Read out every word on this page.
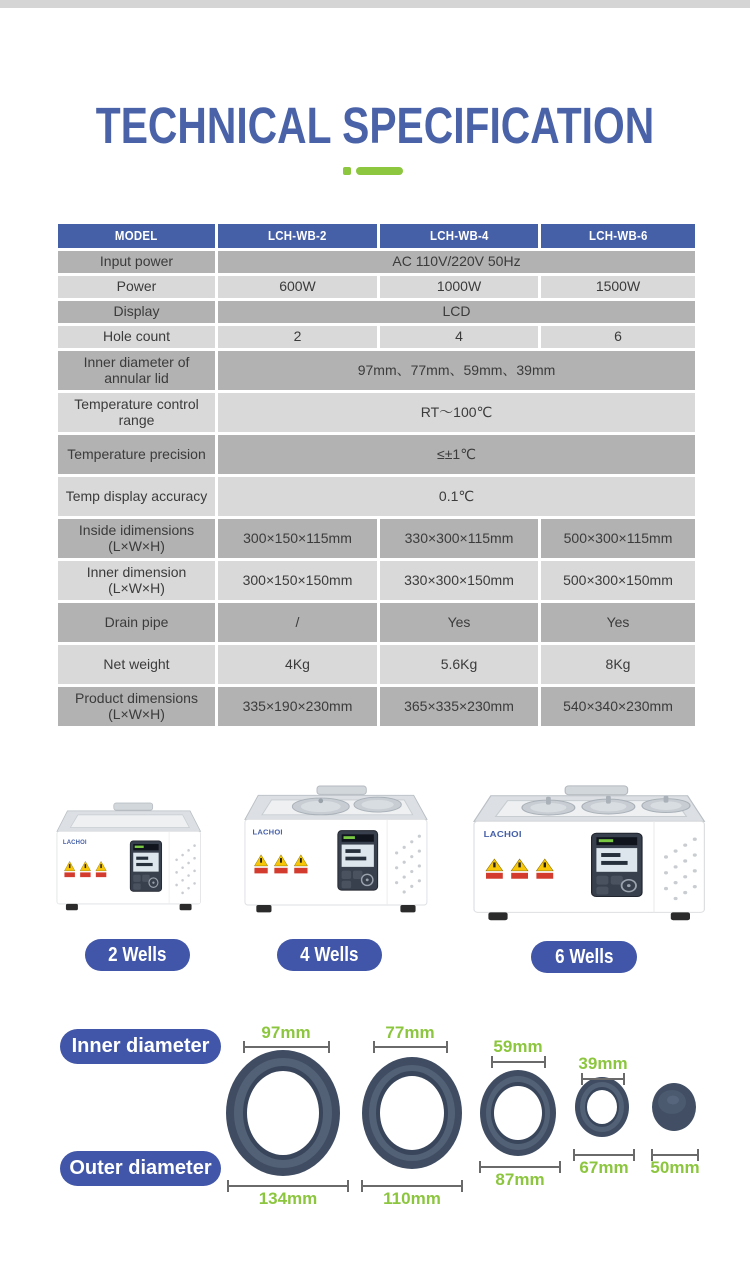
TECHNICAL SPECIFICATION
MODEL	LCH-WB-2	LCH-WB-4	LCH-WB-6
Input power	AC 110V/220V 50Hz		
Power	600W	1000W	1500W
Display	LCD		
Hole count	2	4	6
Inner diameter of annular lid	97mm、77mm、59mm、39mm		
Temperature control range	RT～100℃		
Temperature precision	≤±1℃		
Temp display accuracy	0.1℃		
Inside idimensions (L×W×H)	300×150×115mm	330×300×115mm	500×300×115mm
Inner dimension (L×W×H)	300×150×150mm	330×300×150mm	500×300×150mm
Drain pipe	/	Yes	Yes
Net weight	4Kg	5.6Kg	8Kg
Product dimensions (L×W×H)	335×190×230mm	365×335×230mm	540×340×230mm
LACHOI
LACHOI	LACHOI
2 Wells	4 Wells	6 Wells
Inner diameter
Outer diameter
97mm	77mm
59mm
39mm
134mm	110mm
87mm
67mm 50mm
